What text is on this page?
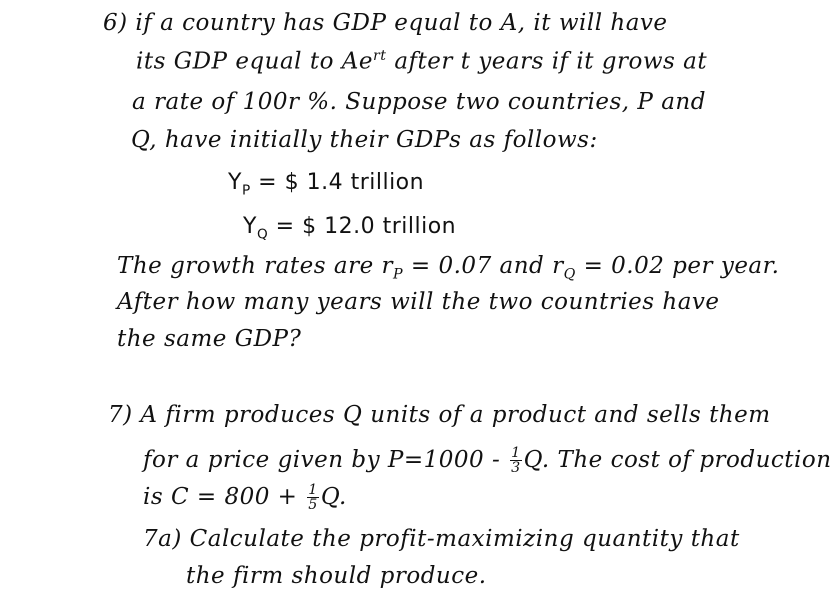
6) if a country has GDP equal to A, it will have
its GDP equal to $Ae^{rt}$ after t years if it grows at
a rate of 100r %. Suppose two countries, P and
Q, have initially their GDPs as follows:
$Y_P$ = $ 1.4 trillion
$Y_Q$ = $ 12.0 trillion
The growth rates are $r_P = 0.07$ and $r_Q = 0.02$ per year.
After how many years will the two countries have
the same GDP?
7) A firm produces Q units of a product and sells them
for a price given by $P=1000 - \frac{1}{3} Q$. The cost of production
is $C = 800 + \frac{1}{5} Q$.
7a) Calculate the profit-maximizing quantity that
the firm should produce.
